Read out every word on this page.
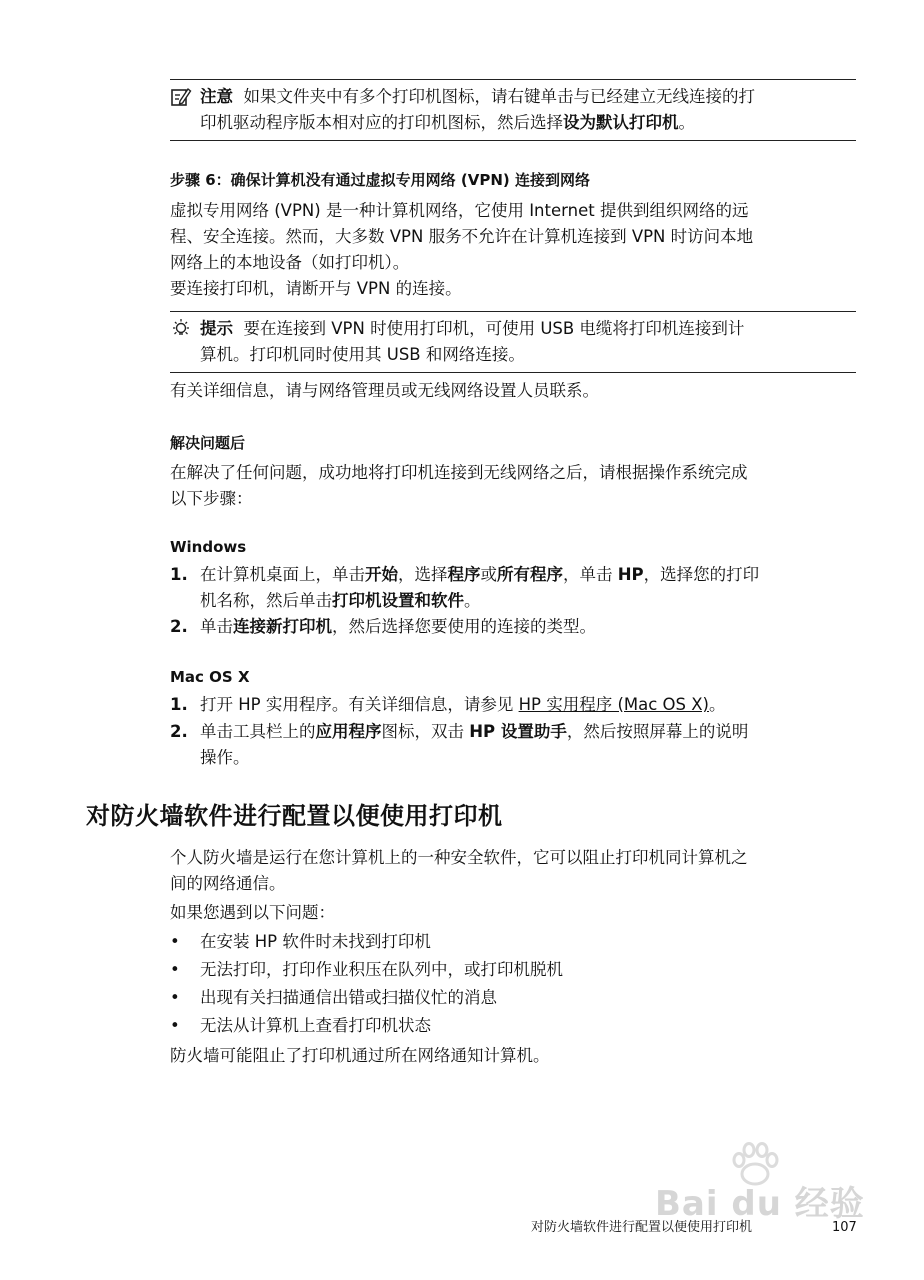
注意 如果文件夹中有多个打印机图标，请右键单击与已经建立无线连接的打
印机驱动程序版本相对应的打印机图标，然后选择设为默认打印机。
步骤 6：确保计算机没有通过虚拟专用网络 (VPN) 连接到网络
虚拟专用网络 (VPN) 是一种计算机网络，它使用 Internet 提供到组织网络的远
程、安全连接。然而，大多数 VPN 服务不允许在计算机连接到 VPN 时访问本地
网络上的本地设备（如打印机）。
要连接打印机，请断开与 VPN 的连接。
提示 要在连接到 VPN 时使用打印机，可使用 USB 电缆将打印机连接到计
算机。打印机同时使用其 USB 和网络连接。
有关详细信息，请与网络管理员或无线网络设置人员联系。
解决问题后
在解决了任何问题，成功地将打印机连接到无线网络之后，请根据操作系统完成
以下步骤：
Windows
1. 在计算机桌面上，单击开始，选择程序或所有程序，单击 HP，选择您的打印
机名称，然后单击打印机设置和软件。
2. 单击连接新打印机，然后选择您要使用的连接的类型。
Mac OS X
1. 打开 HP 实用程序。有关详细信息，请参见 HP 实用程序 (Mac OS X)。
2. 单击工具栏上的应用程序图标，双击 HP 设置助手，然后按照屏幕上的说明
操作。
对防火墙软件进行配置以便使用打印机
个人防火墙是运行在您计算机上的一种安全软件，它可以阻止打印机同计算机之
间的网络通信。
如果您遇到以下问题：
• 在安装 HP 软件时未找到打印机
• 无法打印，打印作业积压在队列中，或打印机脱机
• 出现有关扫描通信出错或扫描仪忙的消息
• 无法从计算机上查看打印机状态
防火墙可能阻止了打印机通过所在网络通知计算机。
Bai du 经验
对防火墙软件进行配置以便使用打印机	107
